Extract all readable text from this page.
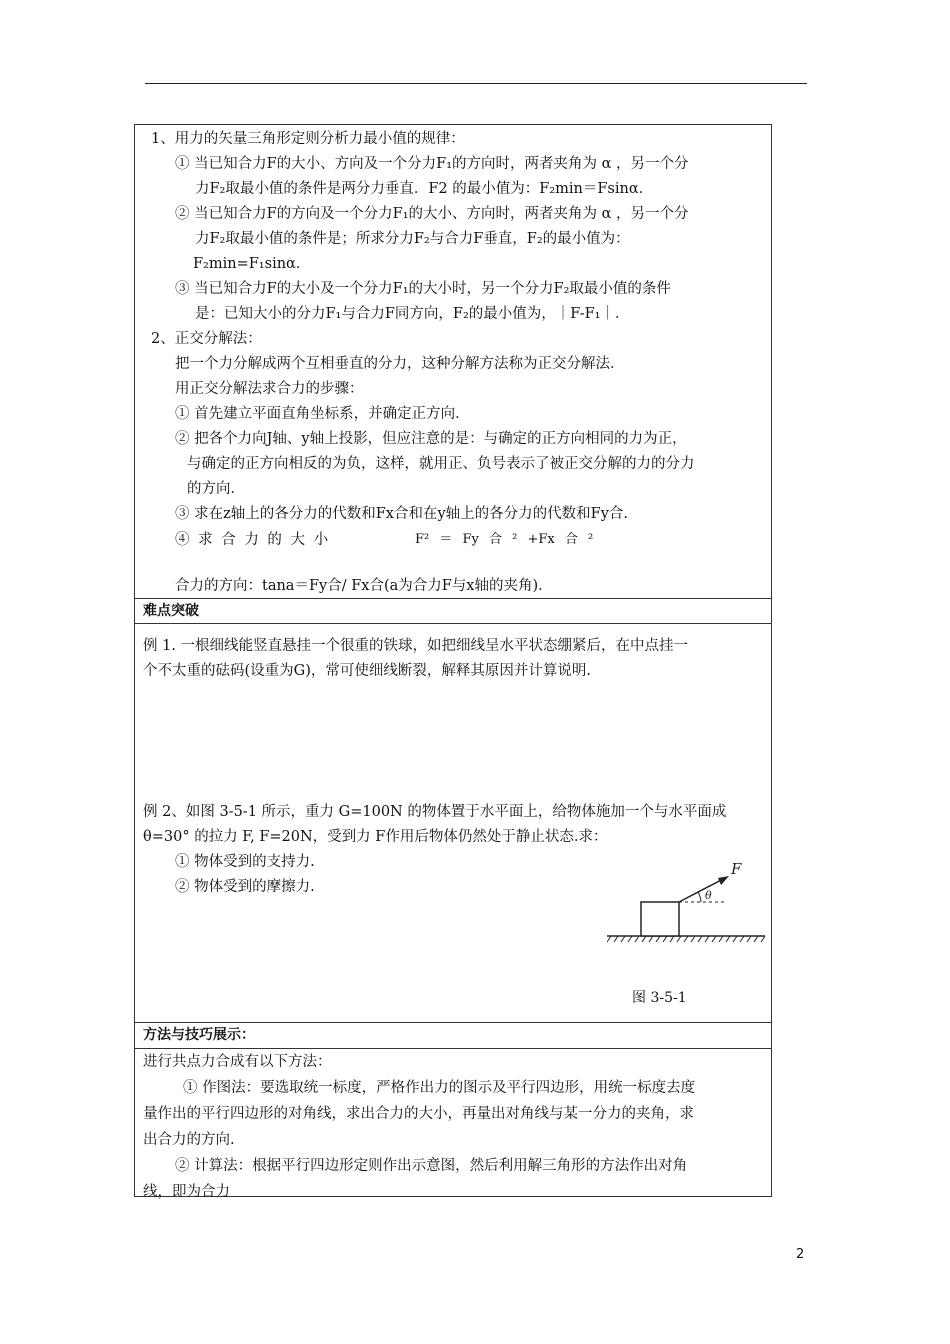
1、用力的矢量三角形定则分析力最小值的规律：
① 当已知合力F的大小、方向及一个分力F₁的方向时，两者夹角为 α ，另一个分
力F₂取最小值的条件是两分力垂直．F2 的最小值为：F₂min＝Fsinα．
② 当已知合力F的方向及一个分力F₁的大小、方向时，两者夹角为 α ，另一个分
力F₂取最小值的条件是；所求分力F₂与合力F垂直，F₂的最小值为：
F₂min=F₁sinα．
③ 当已知合力F的大小及一个分力F₁的大小时，另一个分力F₂取最小值的条件
是：已知大小的分力F₁与合力F同方向，F₂的最小值为，｜F-F₁｜．
2、正交分解法：
把一个力分解成两个互相垂直的分力，这种分解方法称为正交分解法．
用正交分解法求合力的步骤：
① 首先建立平面直角坐标系，并确定正方向．
② 把各个力向J轴、y轴上投影，但应注意的是：与确定的正方向相同的力为正，
与确定的正方向相反的为负，这样，就用正、负号表示了被正交分解的力的分力
的方向．
③ 求在z轴上的各分力的代数和Fx合和在y轴上的各分力的代数和Fy合.
④ 求 合 力 的 大 小	F² ＝ Fy 合 ² +Fx 合 ²
合力的方向：tana＝Fy合/ Fx合(a为合力F与x轴的夹角)．
难点突破
例 1. 一根细线能竖直悬挂一个很重的铁球，如把细线呈水平状态绷紧后，在中点挂一
个不太重的砝码(设重为G)，常可使细线断裂，解释其原因并计算说明.
例 2、如图 3-5-1 所示，重力 G=100N 的物体置于水平面上，给物体施加一个与水平面成
θ=30° 的拉力 F, F=20N，受到力 F作用后物体仍然处于静止状态.求：
① 物体受到的支持力.
② 物体受到的摩擦力.
θ
F
图 3-5-1
方法与技巧展示：
进行共点力合成有以下方法：
① 作图法：要选取统一标度，严格作出力的图示及平行四边形，用统一标度去度
量作出的平行四边形的对角线，求出合力的大小，再量出对角线与某一分力的夹角，求
出合力的方向.
② 计算法：根据平行四边形定则作出示意图，然后利用解三角形的方法作出对角
线，即为合力
2
